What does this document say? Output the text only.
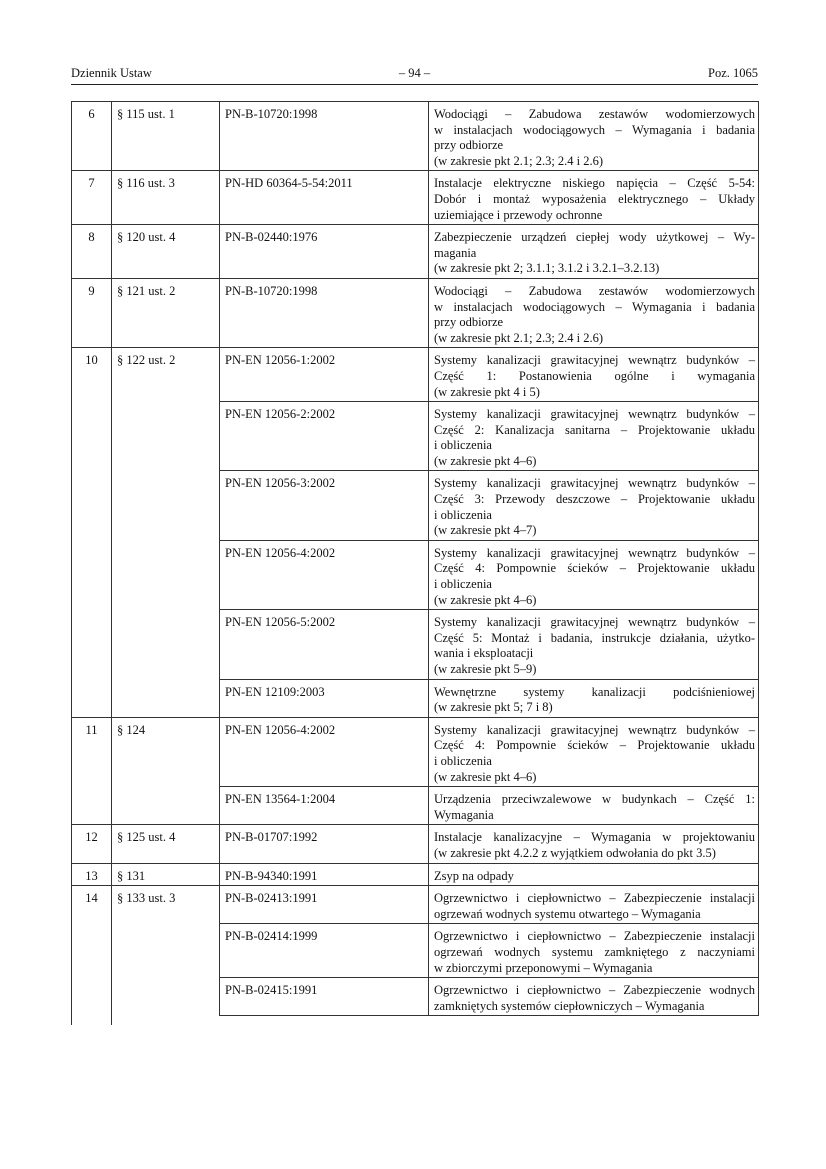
Dziennik Ustaw	– 94 –	Poz. 1065
6	§ 115 ust. 1	PN-B-10720:1998	Wodociągi – Zabudowa zestawów wodomierzowych
w instalacjach wodociągowych – Wymagania i badania
przy odbiorze
(w zakresie pkt 2.1; 2.3; 2.4 i 2.6)

7	§ 116 ust. 3	PN-HD 60364-5-54:2011	Instalacje elektryczne niskiego napięcia – Część 5-54:
Dobór i montaż wyposażenia elektrycznego – Układy
uziemiające i przewody ochronne

8	§ 120 ust. 4	PN-B-02440:1976	Zabezpieczenie urządzeń ciepłej wody użytkowej – Wy-
magania
(w zakresie pkt 2; 3.1.1; 3.1.2 i 3.2.1–3.2.13)

9	§ 121 ust. 2	PN-B-10720:1998	Wodociągi – Zabudowa zestawów wodomierzowych
w instalacjach wodociągowych – Wymagania i badania
przy odbiorze
(w zakresie pkt 2.1; 2.3; 2.4 i 2.6)

10	§ 122 ust. 2	PN-EN 12056-1:2002	Systemy kanalizacji grawitacyjnej wewnątrz budynków –
Część 1: Postanowienia ogólne i wymagania
(w zakresie pkt 4 i 5)

		PN-EN 12056-2:2002	Systemy kanalizacji grawitacyjnej wewnątrz budynków –
Część 2: Kanalizacja sanitarna – Projektowanie układu
i obliczenia
(w zakresie pkt 4–6)

		PN-EN 12056-3:2002	Systemy kanalizacji grawitacyjnej wewnątrz budynków –
Część 3: Przewody deszczowe – Projektowanie układu
i obliczenia
(w zakresie pkt 4–7)

		PN-EN 12056-4:2002	Systemy kanalizacji grawitacyjnej wewnątrz budynków –
Część 4: Pompownie ścieków – Projektowanie układu
i obliczenia
(w zakresie pkt 4–6)

		PN-EN 12056-5:2002	Systemy kanalizacji grawitacyjnej wewnątrz budynków –
Część 5: Montaż i badania, instrukcje działania, użytko-
wania i eksploatacji
(w zakresie pkt 5–9)

		PN-EN 12109:2003	Wewnętrzne systemy kanalizacji podciśnieniowej
(w zakresie pkt 5; 7 i 8)

11	§ 124	PN-EN 12056-4:2002	Systemy kanalizacji grawitacyjnej wewnątrz budynków –
Część 4: Pompownie ścieków – Projektowanie układu
i obliczenia
(w zakresie pkt 4–6)

		PN-EN 13564-1:2004	Urządzenia przeciwzalewowe w budynkach – Część 1:
Wymagania

12	§ 125 ust. 4	PN-B-01707:1992	Instalacje kanalizacyjne – Wymagania w projektowaniu
(w zakresie pkt 4.2.2 z wyjątkiem odwołania do pkt 3.5)

13	§ 131	PN-B-94340:1991	Zsyp na odpady

14	§ 133 ust. 3	PN-B-02413:1991	Ogrzewnictwo i ciepłownictwo – Zabezpieczenie instalacji
ogrzewań wodnych systemu otwartego – Wymagania

		PN-B-02414:1999	Ogrzewnictwo i ciepłownictwo – Zabezpieczenie instalacji
ogrzewań wodnych systemu zamkniętego z naczyniami
w zbiorczymi przeponowymi – Wymagania

		PN-B-02415:1991	Ogrzewnictwo i ciepłownictwo – Zabezpieczenie wodnych
zamkniętych systemów ciepłowniczych – Wymagania
